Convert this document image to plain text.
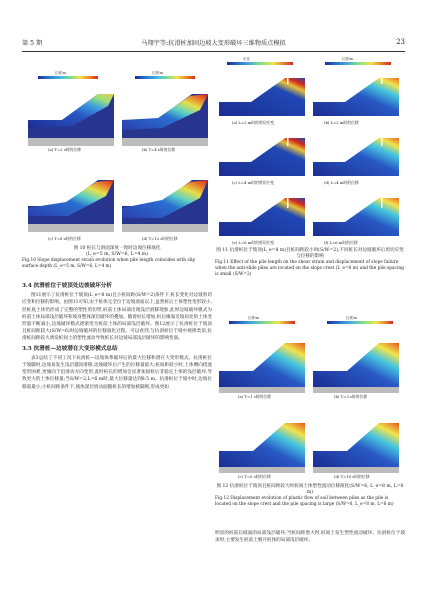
第 5 期	马翔宇等:抗滑桩加固边坡大变形破坏三维物质点模拟	23
位移/m	位移/m
(a) T=2 s时的位移	(b) T=4 s时的位移
(c) T=8 s时的位移	(d) T=12 s时的位移
图 10 桩长与滑面深度一致时边坡位移演化
(L_e=5 m, S/W=6, L=4 m)
Fig.10 Slope displacement strain evolution when pile length coincides with slip surface depth (L_e=5 m, S/W=6, L=4 m)
3.4 抗滑桩位于坡顶处边坡破坏分析

图11展示了抗滑桩位于坡顶(L_e=8 m)且小桩间距(S/W=2)条件下,桩长变化对边坡剪切应变和位移的影响。由图11可知,由于桩体完全位于边坡滑面以上,虽然桩后土体塑性变形较小,但桩底土体仍形成了完整的塑性剪切带,桩前土体局部出现浅层滑移现象,此时边坡破坏模式为桩前土体局部浅层破坏和坡身整体深层破坏的叠加。随着桩长增加,桩后缘靠近坡肩处的土体变形量不断减小,边坡破坏模式逐渐变为桩前土体的局部浅层破坏。图12展示了抗滑桩位于坡顶且桩间距较大(S/W=6)时边坡破坏的位移演化过程。可以看到,与抗滑桩位于坡中规律类似,抗滑桩间距较大诱发桩间土的塑性流动导致桩长对边坡局部浅层破坏的影响变弱。

3.5 抗滑桩—边坡潜在大变形模式总结

表3总结了不同工况下抗滑桩—边坡体系破坏后的最大位移和潜在大变形模式。抗滑桩位于坡脚时,边坡易发生浅层越顶滑移,边坡破坏后产生的位移量最大;桩间距较小时,土体侧向挠流变形困难,更倾向于沿滑动方向变形,此时桩长的增加会显著加固桩后非稳定土体的浅层破坏,导致更大的土体位移量;当S/W=2,L=6 m时,最大位移量达到8.5 m。抗滑桩位于坡中时,边坡位移量最小;小桩间距条件下,坡体深层滑动面随桩长的增加被隔断,形成更如

应变	位移/m
(a) L=2 m时的剪切应变	(b) L=2 m时的位移
(c) L=4 m时的剪切应变	(d) L=4 m时的位移
(e) L=6 m时的剪切应变	(f) L=6 m时的位移
图 11 抗滑桩位于坡顶(L_e=8 m)且桩间距较小时(S/W=2),不同桩长对边坡破坏后剪切应变与位移的影响
Fig.11 Effect of the pile length on the shear strain and displacement of slope failure when the anti-slide piles are located on the slope crest (L_e=8 m) and the pile spacing is small (S/W=2)
位移/m	位移/m
(a) T=1 s时的位移	(b) T=3 s时的位移
(c) T=5 s时的位移	(d) T=10 s时的位移
图 12 抗滑桩位于坡顶且桩间距较大时桩间土体塑性流动位移演化(S/W=6, L_e=8 m, L=6 m)
Fig.12 Displacement evolution of plastic flow of soil between piles as the pile is located on the slope crest and the pile spacing is large (S/W=6, L_e=8 m, L=6 m)

明显的桩前后坡面的局部浅层破坏;当桩间距增大时,桩间土发生塑性流动破坏。抗滑桩位于坡顶时,主要发生桩前土脱开桩体的局部浅层破坏。
